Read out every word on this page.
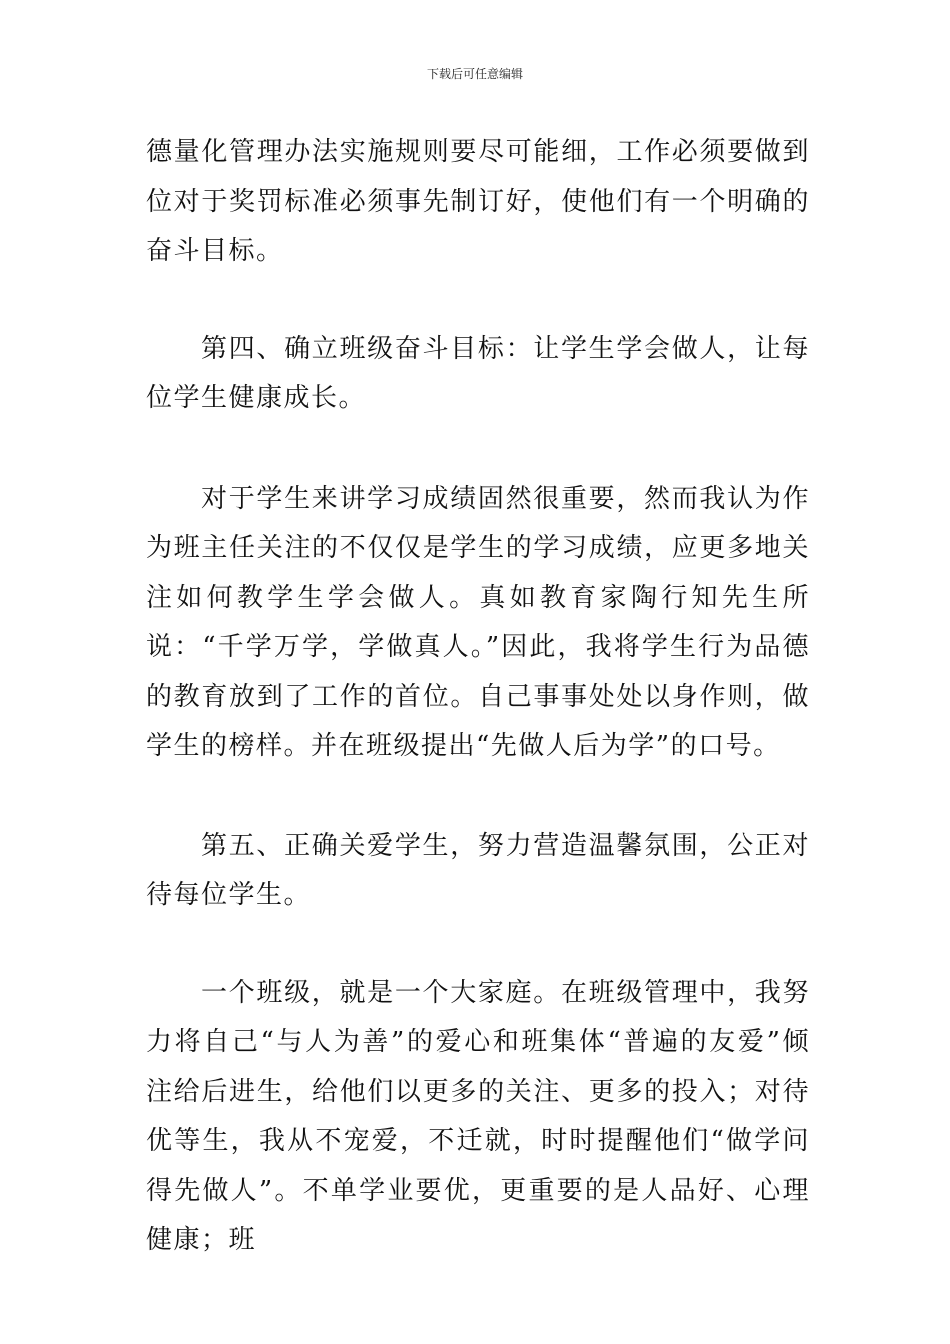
下载后可任意编辑

德量化管理办法实施规则要尽可能细，工作必须要做到位对于奖罚标准必须事先制订好，使他们有一个明确的奋斗目标。

第四、确立班级奋斗目标：让学生学会做人，让每位学生健康成长。

对于学生来讲学习成绩固然很重要，然而我认为作为班主任关注的不仅仅是学生的学习成绩，应更多地关注如何教学生学会做人。真如教育家陶行知先生所说：“千学万学，学做真人。”因此，我将学生行为品德的教育放到了工作的首位。自己事事处处以身作则，做学生的榜样。并在班级提出“先做人后为学”的口号。

第五、正确关爱学生，努力营造温馨氛围，公正对待每位学生。

一个班级，就是一个大家庭。在班级管理中，我努力将自己“与人为善”的爱心和班集体“普遍的友爱”倾注给后进生，给他们以更多的关注、更多的投入；对待优等生，我从不宠爱，不迁就，时时提醒他们“做学问得先做人”。不单学业要优，更重要的是人品好、心理健康；班
